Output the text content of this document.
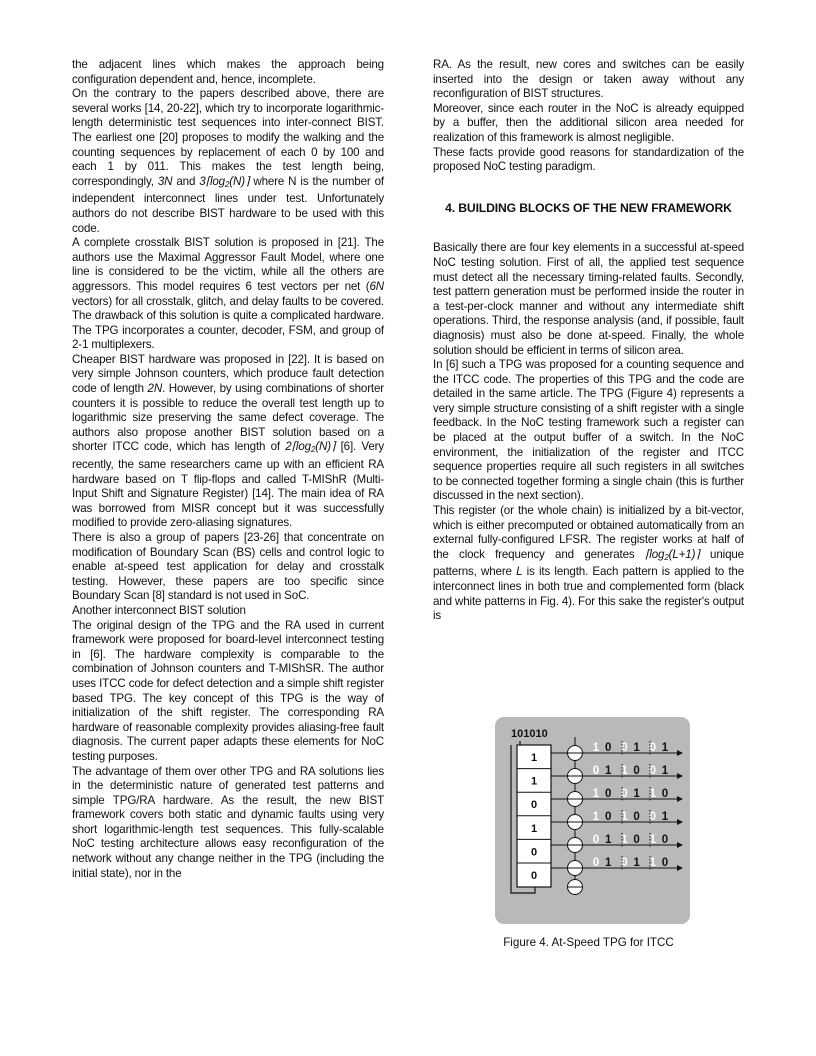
the adjacent lines which makes the approach being configuration dependent and, hence, incomplete.

On the contrary to the papers described above, there are several works [14, 20-22], which try to incorporate logarithmic-length deterministic test sequences into inter-connect BIST. The earliest one [20] proposes to modify the walking and the counting sequences by replacement of each 0 by 100 and each 1 by 011. This makes the test length being, correspondingly, 3N and $3⌈\log_2(N)⌉$ where N is the number of independent interconnect lines under test. Unfortunately authors do not describe BIST hardware to be used with this code.

A complete crosstalk BIST solution is proposed in [21]. The authors use the Maximal Aggressor Fault Model, where one line is considered to be the victim, while all the others are aggressors. This model requires 6 test vectors per net (6N vectors) for all crosstalk, glitch, and delay faults to be covered. The drawback of this solution is quite a complicated hardware. The TPG incorporates a counter, decoder, FSM, and group of 2-1 multiplexers.

Cheaper BIST hardware was proposed in [22]. It is based on very simple Johnson counters, which produce fault detection code of length 2N. However, by using combinations of shorter counters it is possible to reduce the overall test length up to logarithmic size preserving the same defect coverage. The authors also propose another BIST solution based on a shorter ITCC code, which has length of $2⌈\log_2(N)⌉$ [6]. Very recently, the same researchers came up with an efficient RA hardware based on T flip-flops and called T-MIShR (Multi-Input Shift and Signature Register) [14]. The main idea of RA was borrowed from MISR concept but it was successfully modified to provide zero-aliasing signatures.

There is also a group of papers [23-26] that concentrate on modification of Boundary Scan (BS) cells and control logic to enable at-speed test application for delay and crosstalk testing. However, these papers are too specific since Boundary Scan [8] standard is not used in SoC.

Another interconnect BIST solution

The original design of the TPG and the RA used in current framework were proposed for board-level interconnect testing in [6]. The hardware complexity is comparable to the combination of Johnson counters and T-MIShSR. The author uses ITCC code for defect detection and a simple shift register based TPG. The key concept of this TPG is the way of initialization of the shift register. The corresponding RA hardware of reasonable complexity provides aliasing-free fault diagnosis. The current paper adapts these elements for NoC testing purposes.

The advantage of them over other TPG and RA solutions lies in the deterministic nature of generated test patterns and simple TPG/RA hardware. As the result, the new BIST framework covers both static and dynamic faults using very short logarithmic-length test sequences. This fully-scalable NoC testing architecture allows easy reconfiguration of the network without any change neither in the TPG (including the initial state), nor in the

RA. As the result, new cores and switches can be easily inserted into the design or taken away without any reconfiguration of BIST structures.

Moreover, since each router in the NoC is already equipped by a buffer, then the additional silicon area needed for realization of this framework is almost negligible.

These facts provide good reasons for standardization of the proposed NoC testing paradigm.

4. BUILDING BLOCKS OF THE NEW FRAMEWORK

Basically there are four key elements in a successful at-speed NoC testing solution. First of all, the applied test sequence must detect all the necessary timing-related faults. Secondly, test pattern generation must be performed inside the router in a test-per-clock manner and without any intermediate shift operations. Third, the response analysis (and, if possible, fault diagnosis) must also be done at-speed. Finally, the whole solution should be efficient in terms of silicon area.

In [6] such a TPG was proposed for a counting sequence and the ITCC code. The properties of this TPG and the code are detailed in the same article. The TPG (Figure 4) represents a very simple structure consisting of a shift register with a single feedback. In the NoC testing framework such a register can be placed at the output buffer of a switch. In the NoC environment, the initialization of the register and ITCC sequence properties require all such registers in all switches to be connected together forming a single chain (this is further discussed in the next section).

This register (or the whole chain) is initialized by a bit-vector, which is either precomputed or obtained automatically from an external fully-configured LFSR. The register works at half of the clock frequency and generates $⌈\log_2(L+1)⌉$ unique patterns, where L is its length. Each pattern is applied to the interconnect lines in both true and complemented form (black and white patterns in Fig. 4). For this sake the register's output is

101010
1
1
0
1
0
0
1 0 0 1 0 1
0 1 1 0 0 1
1 0 0 1 1 0
1 0 1 0 0 1
0 1 1 0 1 0
0 1 0 1 1 0
Figure 4. At-Speed TPG for ITCC
